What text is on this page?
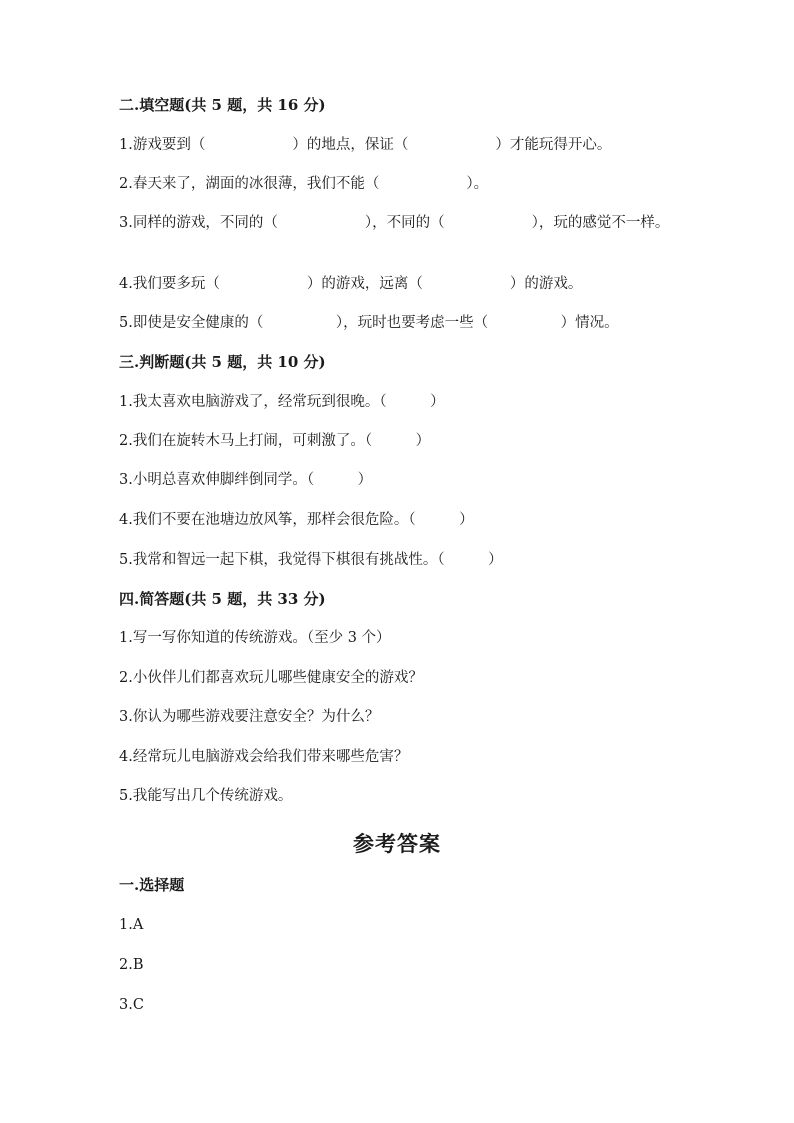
二.填空题(共 5 题，共 16 分)
1.游戏要到（　　　　　　）的地点，保证（　　　　　　）才能玩得开心。
2.春天来了，湖面的冰很薄，我们不能（　　　　　　）。
3.同样的游戏，不同的（　　　　　　），不同的（　　　　　　），玩的感觉不一样。
4.我们要多玩（　　　　　　）的游戏，远离（　　　　　　）的游戏。
5.即使是安全健康的（　　　　　），玩时也要考虑一些（　　　　　）情况。
三.判断题(共 5 题，共 10 分)
1.我太喜欢电脑游戏了，经常玩到很晚。（　　　）
2.我们在旋转木马上打闹，可刺激了。（　　　）
3.小明总喜欢伸脚绊倒同学。（　　　）
4.我们不要在池塘边放风筝，那样会很危险。（　　　）
5.我常和智远一起下棋，我觉得下棋很有挑战性。（　　　）
四.简答题(共 5 题，共 33 分)
1.写一写你知道的传统游戏。（至少 3 个）
2.小伙伴儿们都喜欢玩儿哪些健康安全的游戏？
3.你认为哪些游戏要注意安全？为什么？
4.经常玩儿电脑游戏会给我们带来哪些危害？
5.我能写出几个传统游戏。
参考答案
一.选择题
1.A
2.B
3.C
